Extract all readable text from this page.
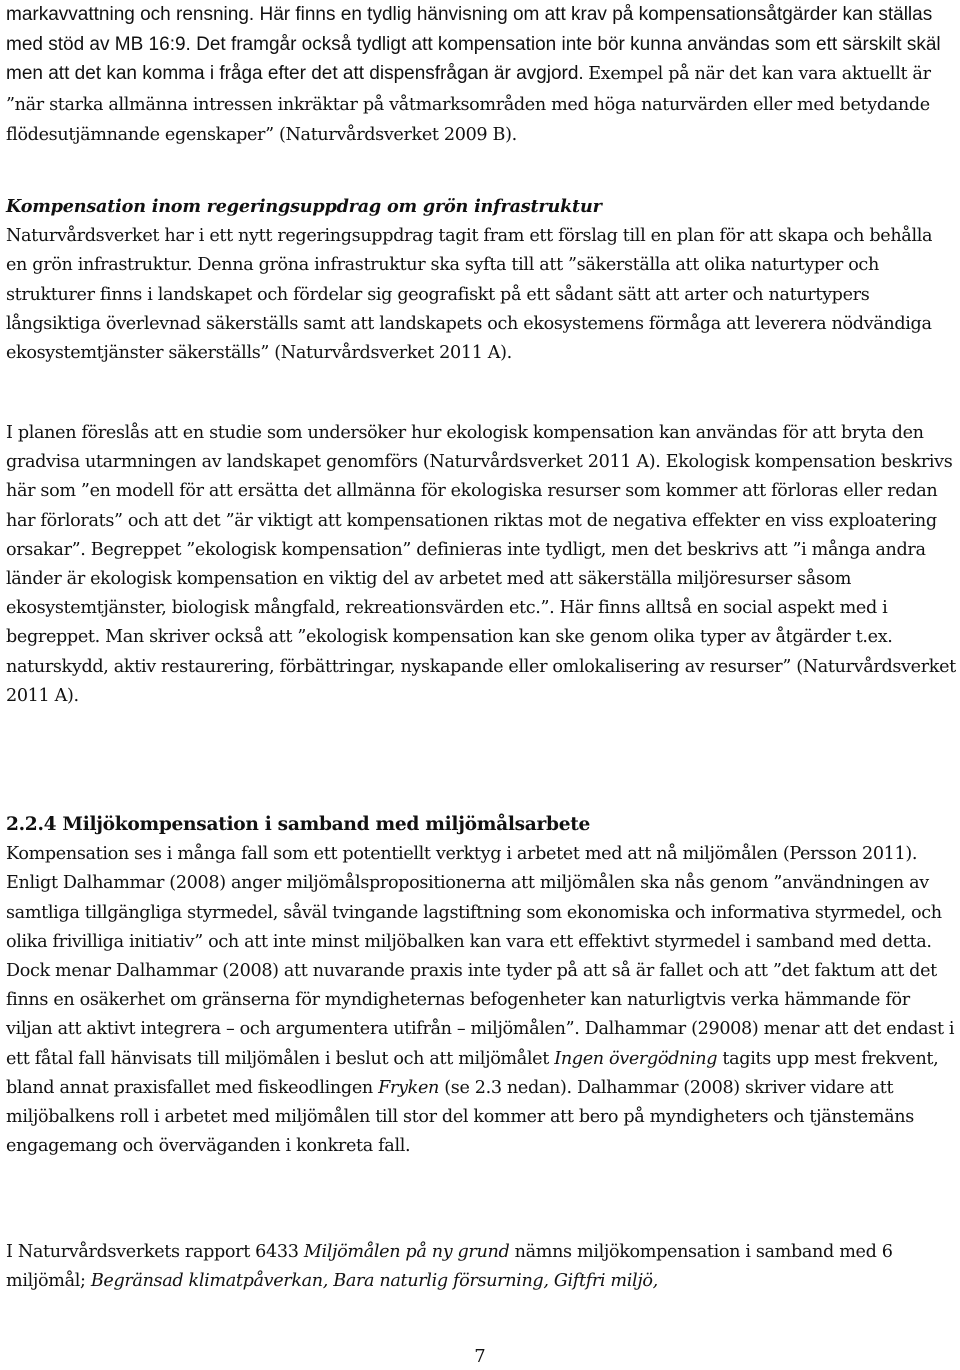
markavvattning och rensning. Här finns en tydlig hänvisning om att krav på kompensationsåtgärder kan ställas med stöd av MB 16:9. Det framgår också tydligt att kompensation inte bör kunna användas som ett särskilt skäl men att det kan komma i fråga efter det att dispensfrågan är avgjord. Exempel på när det kan vara aktuellt är ”när starka allmänna intressen inkräktar på våtmarksområden med höga naturvärden eller med betydande flödesutjämnande egenskaper” (Naturvårdsverket 2009 B).

Kompensation inom regeringsuppdrag om grön infrastruktur
Naturvårdsverket har i ett nytt regeringsuppdrag tagit fram ett förslag till en plan för att skapa och behålla en grön infrastruktur. Denna gröna infrastruktur ska syfta till att ”säkerställa att olika naturtyper och strukturer finns i landskapet och fördelar sig geografiskt på ett sådant sätt att arter och naturtypers långsiktiga överlevnad säkerställs samt att landskapets och ekosystemens förmåga att leverera nödvändiga ekosystemtjänster säkerställs” (Naturvårdsverket 2011 A).

I planen föreslås att en studie som undersöker hur ekologisk kompensation kan användas för att bryta den gradvisa utarmningen av landskapet genomförs (Naturvårdsverket 2011 A). Ekologisk kompensation beskrivs här som ”en modell för att ersätta det allmänna för ekologiska resurser som kommer att förloras eller redan har förlorats” och att det ”är viktigt att kompensationen riktas mot de negativa effekter en viss exploatering orsakar”. Begreppet ”ekologisk kompensation” definieras inte tydligt, men det beskrivs att ”i många andra länder är ekologisk kompensation en viktig del av arbetet med att säkerställa miljöresurser såsom ekosystemtjänster, biologisk mångfald, rekreationsvärden etc.”. Här finns alltså en social aspekt med i begreppet. Man skriver också att ”ekologisk kompensation kan ske genom olika typer av åtgärder t.ex. naturskydd, aktiv restaurering, förbättringar, nyskapande eller omlokalisering av resurser” (Naturvårdsverket 2011 A).

2.2.4 Miljökompensation i samband med miljömålsarbete
Kompensation ses i många fall som ett potentiellt verktyg i arbetet med att nå miljömålen (Persson 2011). Enligt Dalhammar (2008) anger miljömålspropositionerna att miljömålen ska nås genom ”användningen av samtliga tillgängliga styrmedel, såväl tvingande lagstiftning som ekonomiska och informativa styrmedel, och olika frivilliga initiativ” och att inte minst miljöbalken kan vara ett effektivt styrmedel i samband med detta. Dock menar Dalhammar (2008) att nuvarande praxis inte tyder på att så är fallet och att ”det faktum att det finns en osäkerhet om gränserna för myndigheternas befogenheter kan naturligtvis verka hämmande för viljan att aktivt integrera – och argumentera utifrån – miljömålen”. Dalhammar (29008) menar att det endast i ett fåtal fall hänvisats till miljömålen i beslut och att miljömålet Ingen övergödning tagits upp mest frekvent, bland annat praxisfallet med fiskeodlingen Fryken (se 2.3 nedan). Dalhammar (2008) skriver vidare att miljöbalkens roll i arbetet med miljömålen till stor del kommer att bero på myndigheters och tjänstemäns engagemang och överväganden i konkreta fall.

I Naturvårdsverkets rapport 6433 Miljömålen på ny grund nämns miljökompensation i samband med 6 miljömål; Begränsad klimatpåverkan, Bara naturlig försurning, Giftfri miljö,

7
